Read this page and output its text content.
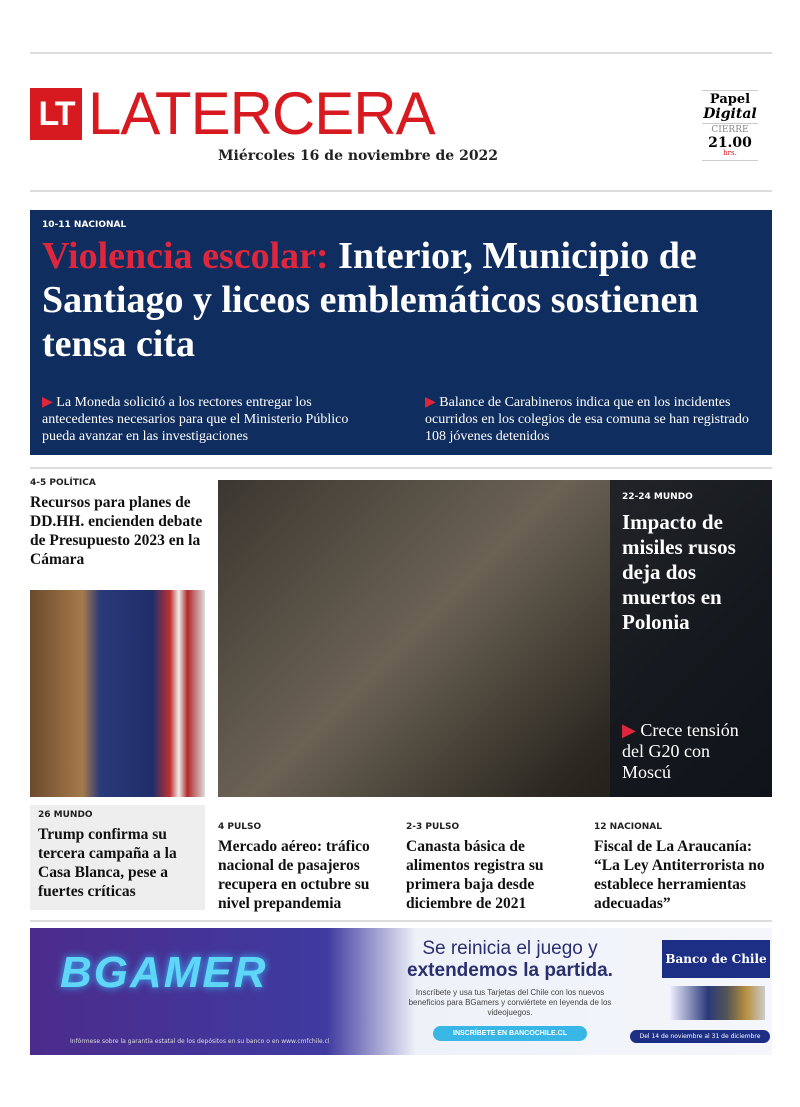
LT LATERCERA
Miércoles 16 de noviembre de 2022
Papel
Digital
CIERRE
21.00
hrs.
10-11 NACIONAL
Violencia escolar: Interior, Municipio de Santiago y liceos emblemáticos sostienen tensa cita
▶ La Moneda solicitó a los rectores entregar los antecedentes necesarios para que el Ministerio Público pueda avanzar en las investigaciones
▶ Balance de Carabineros indica que en los incidentes ocurridos en los colegios de esa comuna se han registrado 108 jóvenes detenidos
4-5 POLÍTICA
Recursos para planes de DD.HH. encienden debate de Presupuesto 2023 en la Cámara
26 MUNDO
Trump confirma su tercera campaña a la Casa Blanca, pese a fuertes críticas
22-24 MUNDO
Impacto de misiles rusos deja dos muertos en Polonia

▶ Crece tensión del G20 con Moscú

4 PULSO
Mercado aéreo: tráfico nacional de pasajeros recupera en octubre su nivel prepandemia
2-3 PULSO
Canasta básica de alimentos registra su primera baja desde diciembre de 2021
12 NACIONAL
Fiscal de La Araucanía: “La Ley Antiterrorista no establece herramientas adecuadas”
BGAMER
Infórmese sobre la garantía estatal de los depósitos en su banco o en www.cmfchile.cl
Se reinicia el juego y
extendemos la partida.
Inscríbete y usa tus Tarjetas del Chile con los nuevos beneficios para BGamers y conviértete en leyenda de los videojuegos.
INSCRÍBETE EN BANCOCHILE.CL
Banco de Chile
Del 14 de noviembre al 31 de diciembre
